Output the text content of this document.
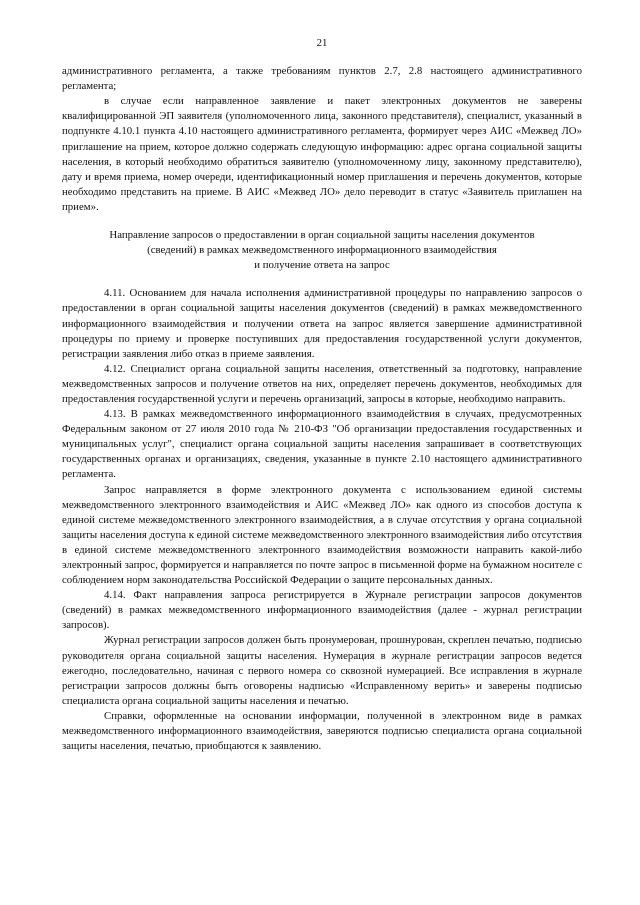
21

административного регламента, а также требованиям пунктов 2.7, 2.8 настоящего административного регламента;

в случае если направленное заявление и пакет электронных документов не заверены квалифицированной ЭП заявителя (уполномоченного лица, законного представителя), специалист, указанный в подпункте 4.10.1 пункта 4.10 настоящего административного регламента, формирует через АИС «Межвед ЛО» приглашение на прием, которое должно содержать следующую информацию: адрес органа социальной защиты населения, в который необходимо обратиться заявителю (уполномоченному лицу, законному представителю), дату и время приема, номер очереди, идентификационный номер приглашения и перечень документов, которые необходимо представить на приеме. В АИС «Межвед ЛО» дело переводит в статус «Заявитель приглашен на прием».

Направление запросов о предоставлении в орган социальной защиты населения документов
(сведений) в рамках межведомственного информационного взаимодействия
и получение ответа на запрос

4.11. Основанием для начала исполнения административной процедуры по направлению запросов о предоставлении в орган социальной защиты населения документов (сведений) в рамках межведомственного информационного взаимодействия и получении ответа на запрос является завершение административной процедуры по приему и проверке поступивших для предоставления государственной услуги документов, регистрации заявления либо отказ в приеме заявления.

4.12. Специалист органа социальной защиты населения, ответственный за подготовку, направление межведомственных запросов и получение ответов на них, определяет перечень документов, необходимых для предоставления государственной услуги и перечень организаций, запросы в которые, необходимо направить.

4.13. В рамках межведомственного информационного взаимодействия в случаях, предусмотренных Федеральным законом от 27 июля 2010 года № 210-ФЗ "Об организации предоставления государственных и муниципальных услуг", специалист органа социальной защиты населения запрашивает в соответствующих государственных органах и организациях, сведения, указанные в пункте 2.10 настоящего административного регламента.

Запрос направляется в форме электронного документа с использованием единой системы межведомственного электронного взаимодействия и АИС «Межвед ЛО» как одного из способов доступа к единой системе межведомственного электронного взаимодействия, а в случае отсутствия у органа социальной защиты населения доступа к единой системе межведомственного электронного взаимодействия либо отсутствия в единой системе межведомственного электронного взаимодействия возможности направить какой-либо электронный запрос, формируется и направляется по почте запрос в письменной форме на бумажном носителе с соблюдением норм законодательства Российской Федерации о защите персональных данных.

4.14. Факт направления запроса регистрируется в Журнале регистрации запросов документов (сведений) в рамках межведомственного информационного взаимодействия (далее - журнал регистрации запросов).

Журнал регистрации запросов должен быть пронумерован, прошнурован, скреплен печатью, подписью руководителя органа социальной защиты населения. Нумерация в журнале регистрации запросов ведется ежегодно, последовательно, начиная с первого номера со сквозной нумерацией. Все исправления в журнале регистрации запросов должны быть оговорены надписью «Исправленному верить» и заверены подписью специалиста органа социальной защиты населения и печатью.

Справки, оформленные на основании информации, полученной в электронном виде в рамках межведомственного информационного взаимодействия, заверяются подписью специалиста органа социальной защиты населения, печатью, приобщаются к заявлению.
